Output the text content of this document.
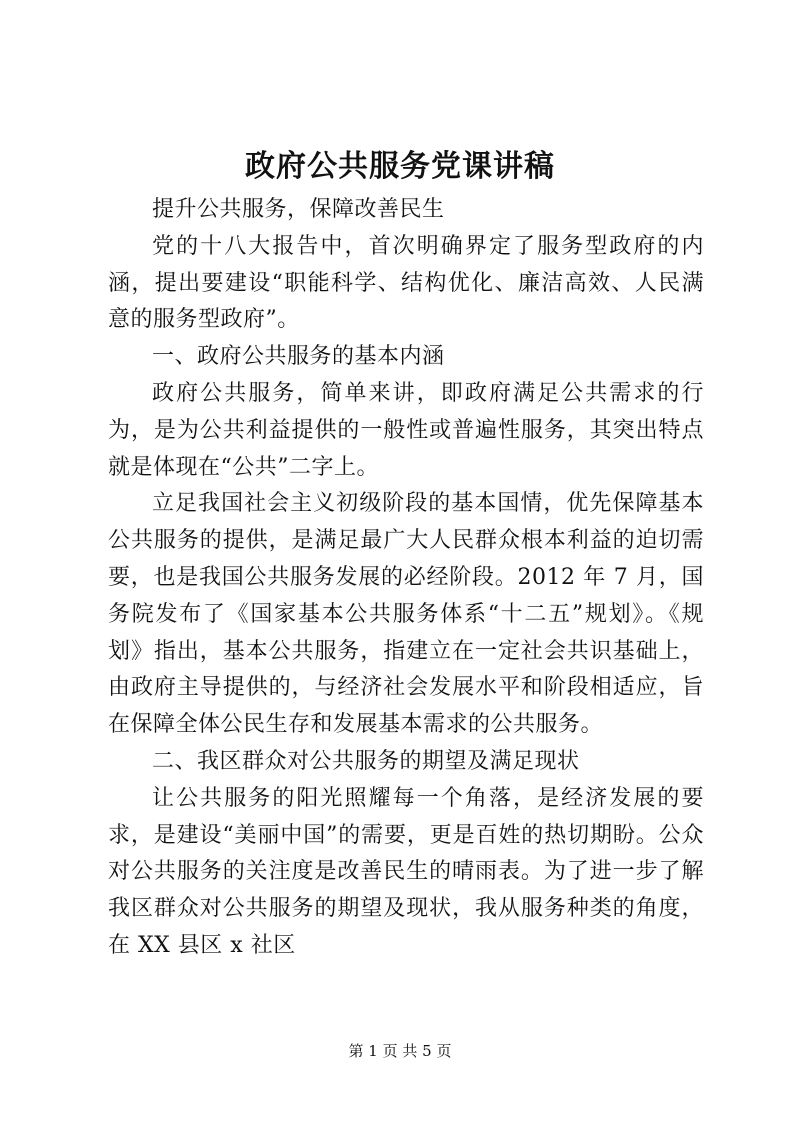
政府公共服务党课讲稿

提升公共服务，保障改善民生

党的十八大报告中，首次明确界定了服务型政府的内涵，提出要建设“职能科学、结构优化、廉洁高效、人民满意的服务型政府”。

一、政府公共服务的基本内涵

政府公共服务，简单来讲，即政府满足公共需求的行为，是为公共利益提供的一般性或普遍性服务，其突出特点就是体现在“公共”二字上。

立足我国社会主义初级阶段的基本国情，优先保障基本公共服务的提供，是满足最广大人民群众根本利益的迫切需要，也是我国公共服务发展的必经阶段。2012 年 7 月，国务院发布了《国家基本公共服务体系“十二五”规划》。《规划》指出，基本公共服务，指建立在一定社会共识基础上，由政府主导提供的，与经济社会发展水平和阶段相适应，旨在保障全体公民生存和发展基本需求的公共服务。

二、我区群众对公共服务的期望及满足现状

让公共服务的阳光照耀每一个角落，是经济发展的要求，是建设“美丽中国”的需要，更是百姓的热切期盼。公众对公共服务的关注度是改善民生的晴雨表。为了进一步了解我区群众对公共服务的期望及现状，我从服务种类的角度，在 XX 县区 x 社区

第 1 页 共 5 页
